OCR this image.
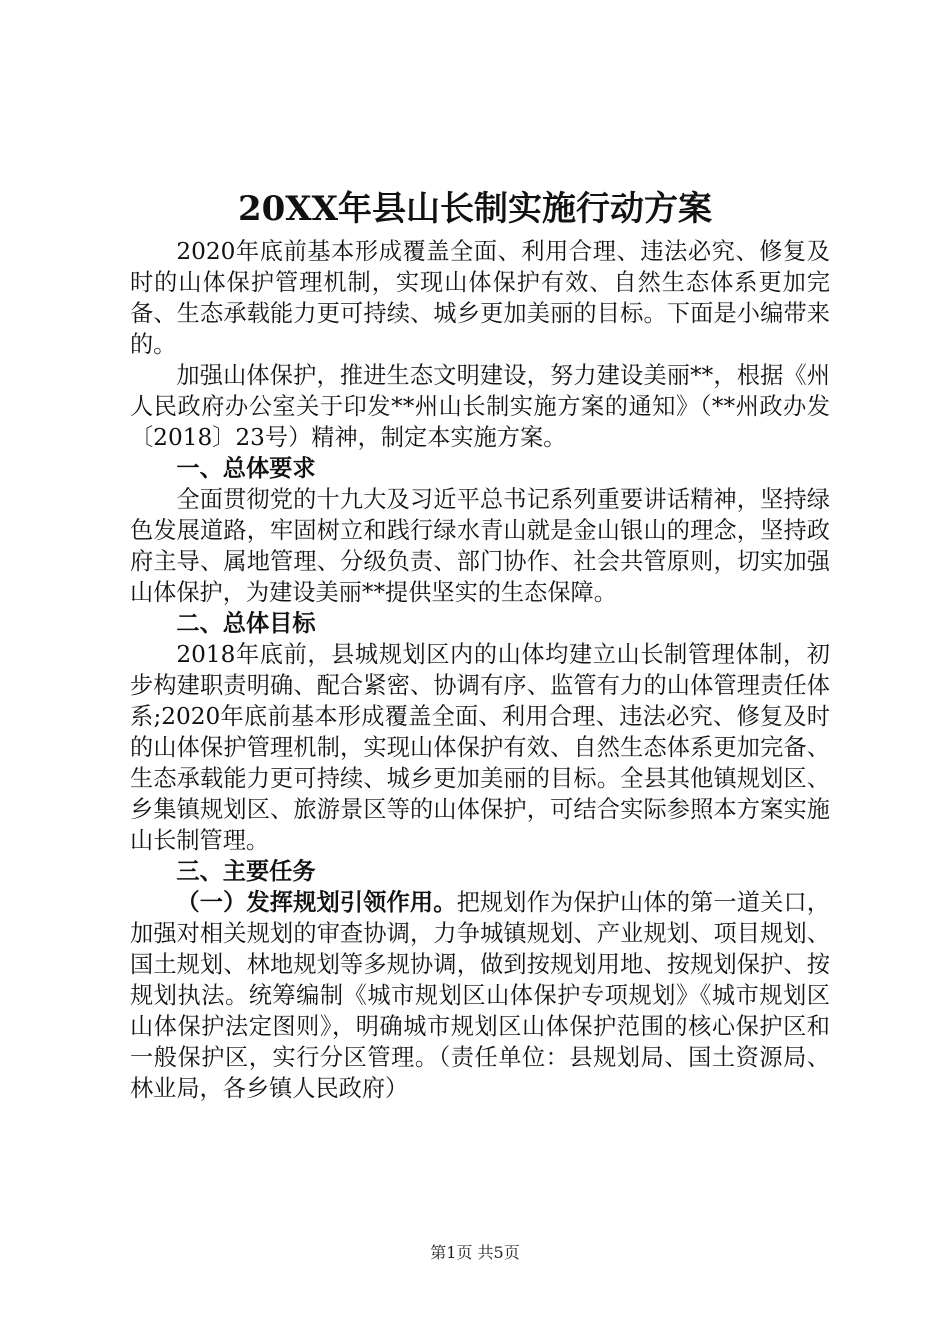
20XX年县山长制实施行动方案

2020年底前基本形成覆盖全面、利用合理、违法必究、修复及时的山体保护管理机制，实现山体保护有效、自然生态体系更加完备、生态承载能力更可持续、城乡更加美丽的目标。下面是小编带来的。

加强山体保护，推进生态文明建设，努力建设美丽**，根据《州人民政府办公室关于印发**州山长制实施方案的通知》（**州政办发〔2018〕23号）精神，制定本实施方案。

一、总体要求

全面贯彻党的十九大及习近平总书记系列重要讲话精神，坚持绿色发展道路，牢固树立和践行绿水青山就是金山银山的理念，坚持政府主导、属地管理、分级负责、部门协作、社会共管原则，切实加强山体保护，为建设美丽**提供坚实的生态保障。

二、总体目标

2018年底前，县城规划区内的山体均建立山长制管理体制，初步构建职责明确、配合紧密、协调有序、监管有力的山体管理责任体系;2020年底前基本形成覆盖全面、利用合理、违法必究、修复及时的山体保护管理机制，实现山体保护有效、自然生态体系更加完备、生态承载能力更可持续、城乡更加美丽的目标。全县其他镇规划区、乡集镇规划区、旅游景区等的山体保护，可结合实际参照本方案实施山长制管理。

三、主要任务

（一）发挥规划引领作用。把规划作为保护山体的第一道关口，加强对相关规划的审查协调，力争城镇规划、产业规划、项目规划、国土规划、林地规划等多规协调，做到按规划用地、按规划保护、按规划执法。统筹编制《城市规划区山体保护专项规划》《城市规划区山体保护法定图则》，明确城市规划区山体保护范围的核心保护区和一般保护区，实行分区管理。（责任单位：县规划局、国土资源局、林业局，各乡镇人民政府）

第1页 共5页
